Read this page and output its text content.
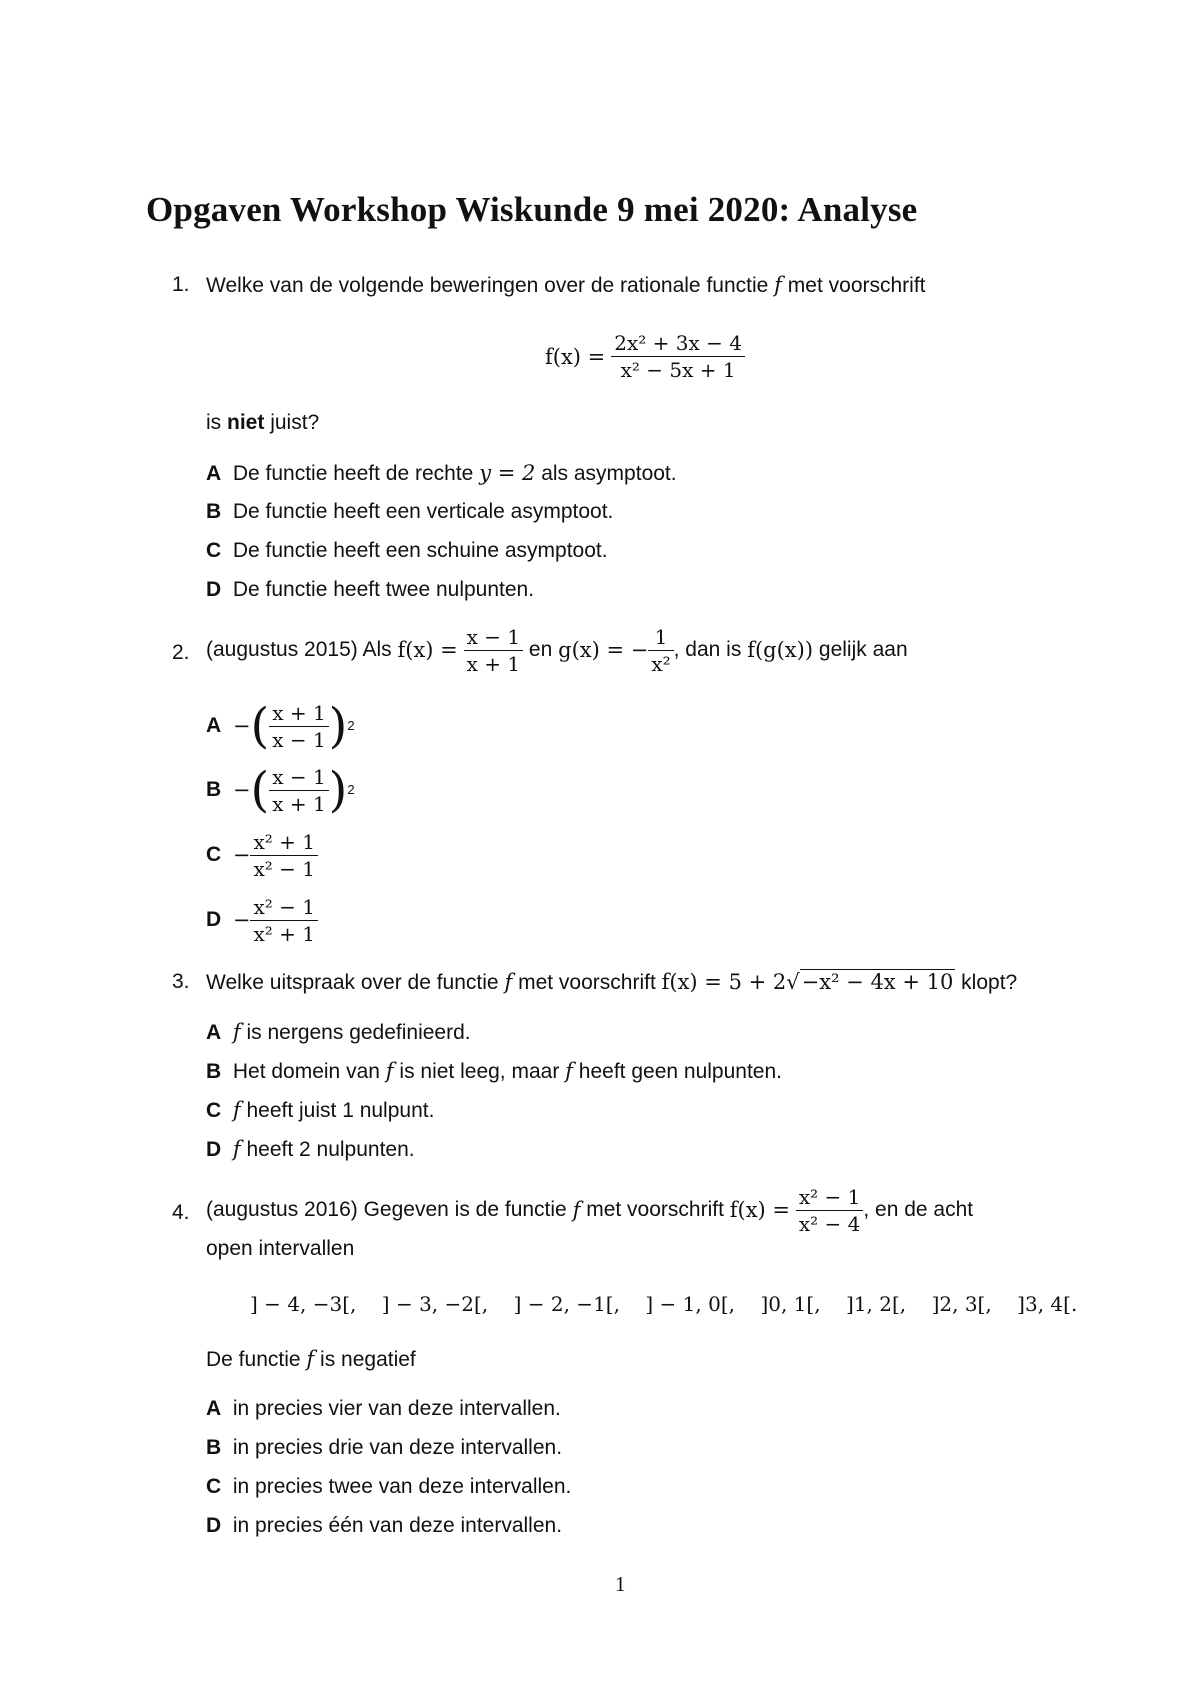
Opgaven Workshop Wiskunde 9 mei 2020: Analyse
1. Welke van de volgende beweringen over de rationale functie f met voorschrift
$f(x) = \frac{\text{2x² + 3x − 4}}{\text{x² − 5x + 1}}$
is niet juist?
A De functie heeft de rechte y = 2 als asymptoot.
B De functie heeft een verticale asymptoot.
C De functie heeft een schuine asymptoot.
D De functie heeft twee nulpunten.
2. (augustus 2015) Als
f(x) =
$\frac{x - 1}{x + 1}$
en
g(x) = − $\frac{1}{\text{x²}}$ , dan is
f(g(x))
gelijk aan
A
− ( $\frac{x + 1}{x - 1}$ ) 2
B
− ( $\frac{x - 1}{x + 1}$ ) 2
C
− $\frac{\text{x² + 1}}{\text{x² − 1}}$
D
− $\frac{\text{x² − 1}}{\text{x² + 1}}$
3. Welke uitspraak over de functie f met voorschrift f(x) = 5 + 2√−x² − 4x + 10 klopt?
A f is nergens gedefinieerd.
B Het domein van f is niet leeg, maar f heeft geen nulpunten.
C f heeft juist 1 nulpunt.
D f heeft 2 nulpunten.
4. (augustus 2016) Gegeven is de functie
f
met voorschrift
f(x) =
$\frac{\text{x² − 1}}{\text{x² − 4}}$ , en de acht
open intervallen
] − 4, −3[, ] − 3, −2[, ] − 2, −1[, ] − 1, 0[, ]0, 1[, ]1, 2[, ]2, 3[, ]3, 4[.
De functie f is negatief
A in precies vier van deze intervallen.
B in precies drie van deze intervallen.
C in precies twee van deze intervallen.
D in precies één van deze intervallen.
1
